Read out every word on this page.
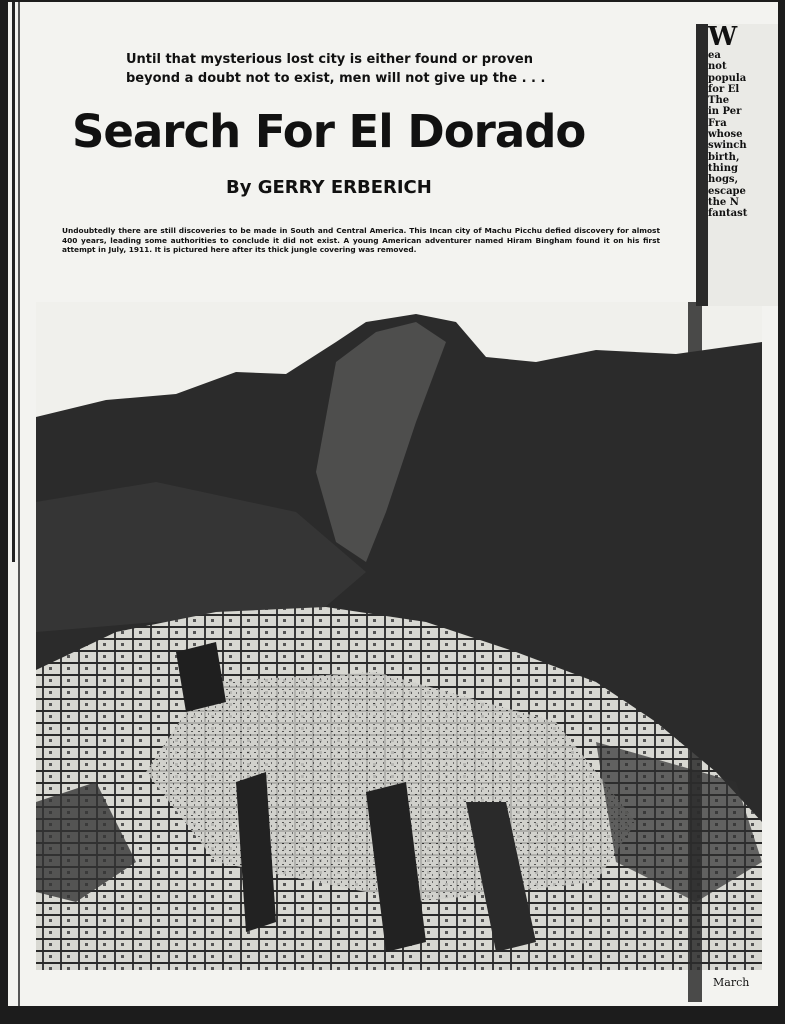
Until that mysterious lost city is either found or proven beyond a doubt not to exist, men will not give up the . . .
Search For El Dorado
By GERRY ERBERICH
Undoubtedly there are still discoveries to be made in South and Central America. This Incan city of Machu Picchu defied discovery for almost 400 years, leading some authorities to conclude it did not exist. A young American adventurer named Hiram Bingham found it on his first attempt in July, 1911. It is pictured here after its thick jungle covering was removed.
W
ea
not
popula
for El
The
in Per
Fra
whose
swinch
birth,
thing
hogs,
escape
the N
fantast
March
